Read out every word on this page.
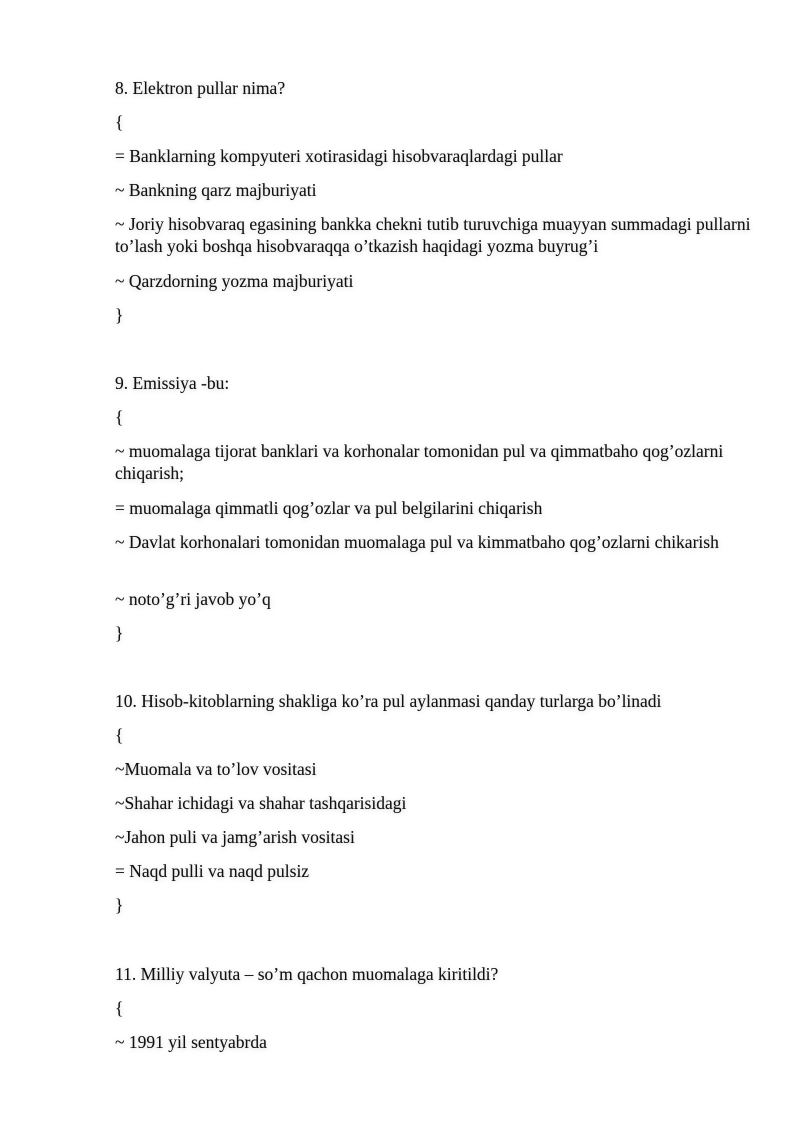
8. Elektron pullar nima?
{
= Banklarning kompyuteri xotirasidagi hisobvaraqlardagi pullar
~ Bankning qarz majburiyati
~ Joriy hisobvaraq egasining bankka chekni tutib turuvchiga muayyan summadagi pullarni to’lash yoki boshqa hisobvaraqqa o’tkazish haqidagi yozma buyrug’i
~ Qarzdorning yozma majburiyati
}
9. Emissiya -bu:
{
~ muomalaga tijorat banklari va korhonalar tomonidan pul va qimmatbaho qog’ozlarni chiqarish;
= muomalaga qimmatli qog’ozlar va pul belgilarini chiqarish
~ Davlat korhonalari tomonidan muomalaga pul va kimmatbaho qog’ozlarni chikarish
~ noto’g’ri javob yo’q
}
10. Hisob-kitoblarning shakliga ko’ra pul aylanmasi qanday turlarga bo’linadi
{
~Muomala va to’lov vositasi
~Shahar ichidagi va shahar tashqarisidagi
~Jahon puli va jamg’arish vositasi
= Naqd pulli va naqd pulsiz
}
11. Milliy valyuta – so’m qachon muomalaga kiritildi?
{
~ 1991 yil sentyabrda
